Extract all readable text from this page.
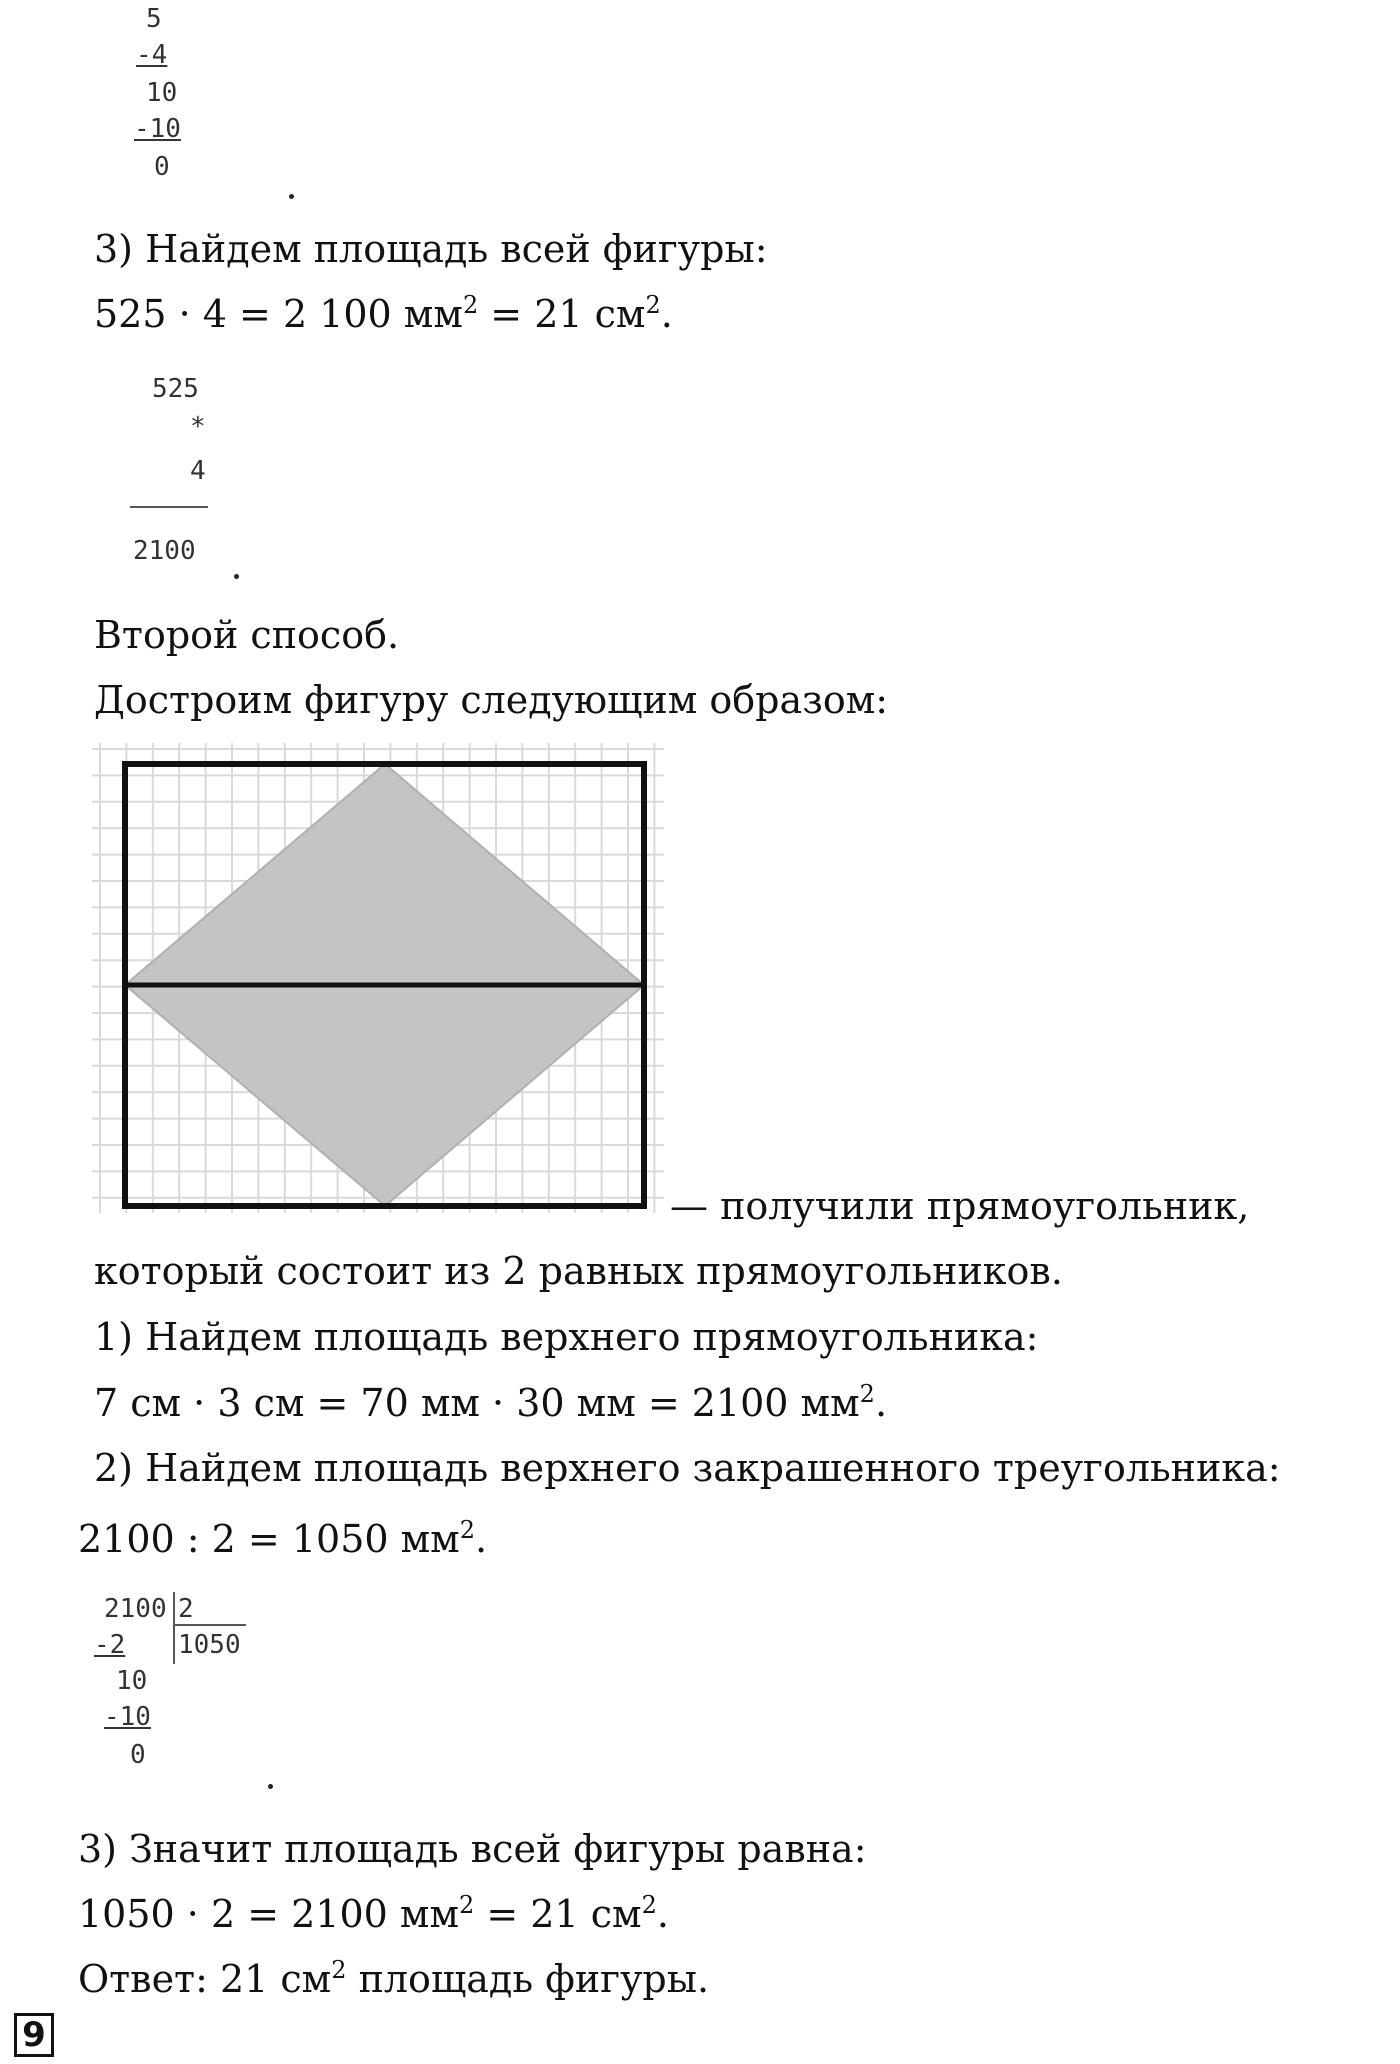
5
-4
10
-10
0
3) Найдем площадь всей фигуры:
525 · 4 = 2 100 $мм^2 = 21$ $см^2$.
525
*
4
2100
Второй способ.
Достроим фигуру следующим образом:
— получили прямоугольник,
который состоит из 2 равных прямоугольников.
1) Найдем площадь верхнего прямоугольника:
7 см · 3 см = 70 мм · 30 мм = 2100 $мм^2$.
2) Найдем площадь верхнего закрашенного треугольника:
2100 : 2 = 1050 $мм^2$.
2100 2
1050
-2
10
-10
0
3) Значит площадь всей фигуры равна:
1050 · 2 = 2100 $мм^2 = 21$ $см^2$.
Ответ: 21 $см^2$ площадь фигуры.
9
